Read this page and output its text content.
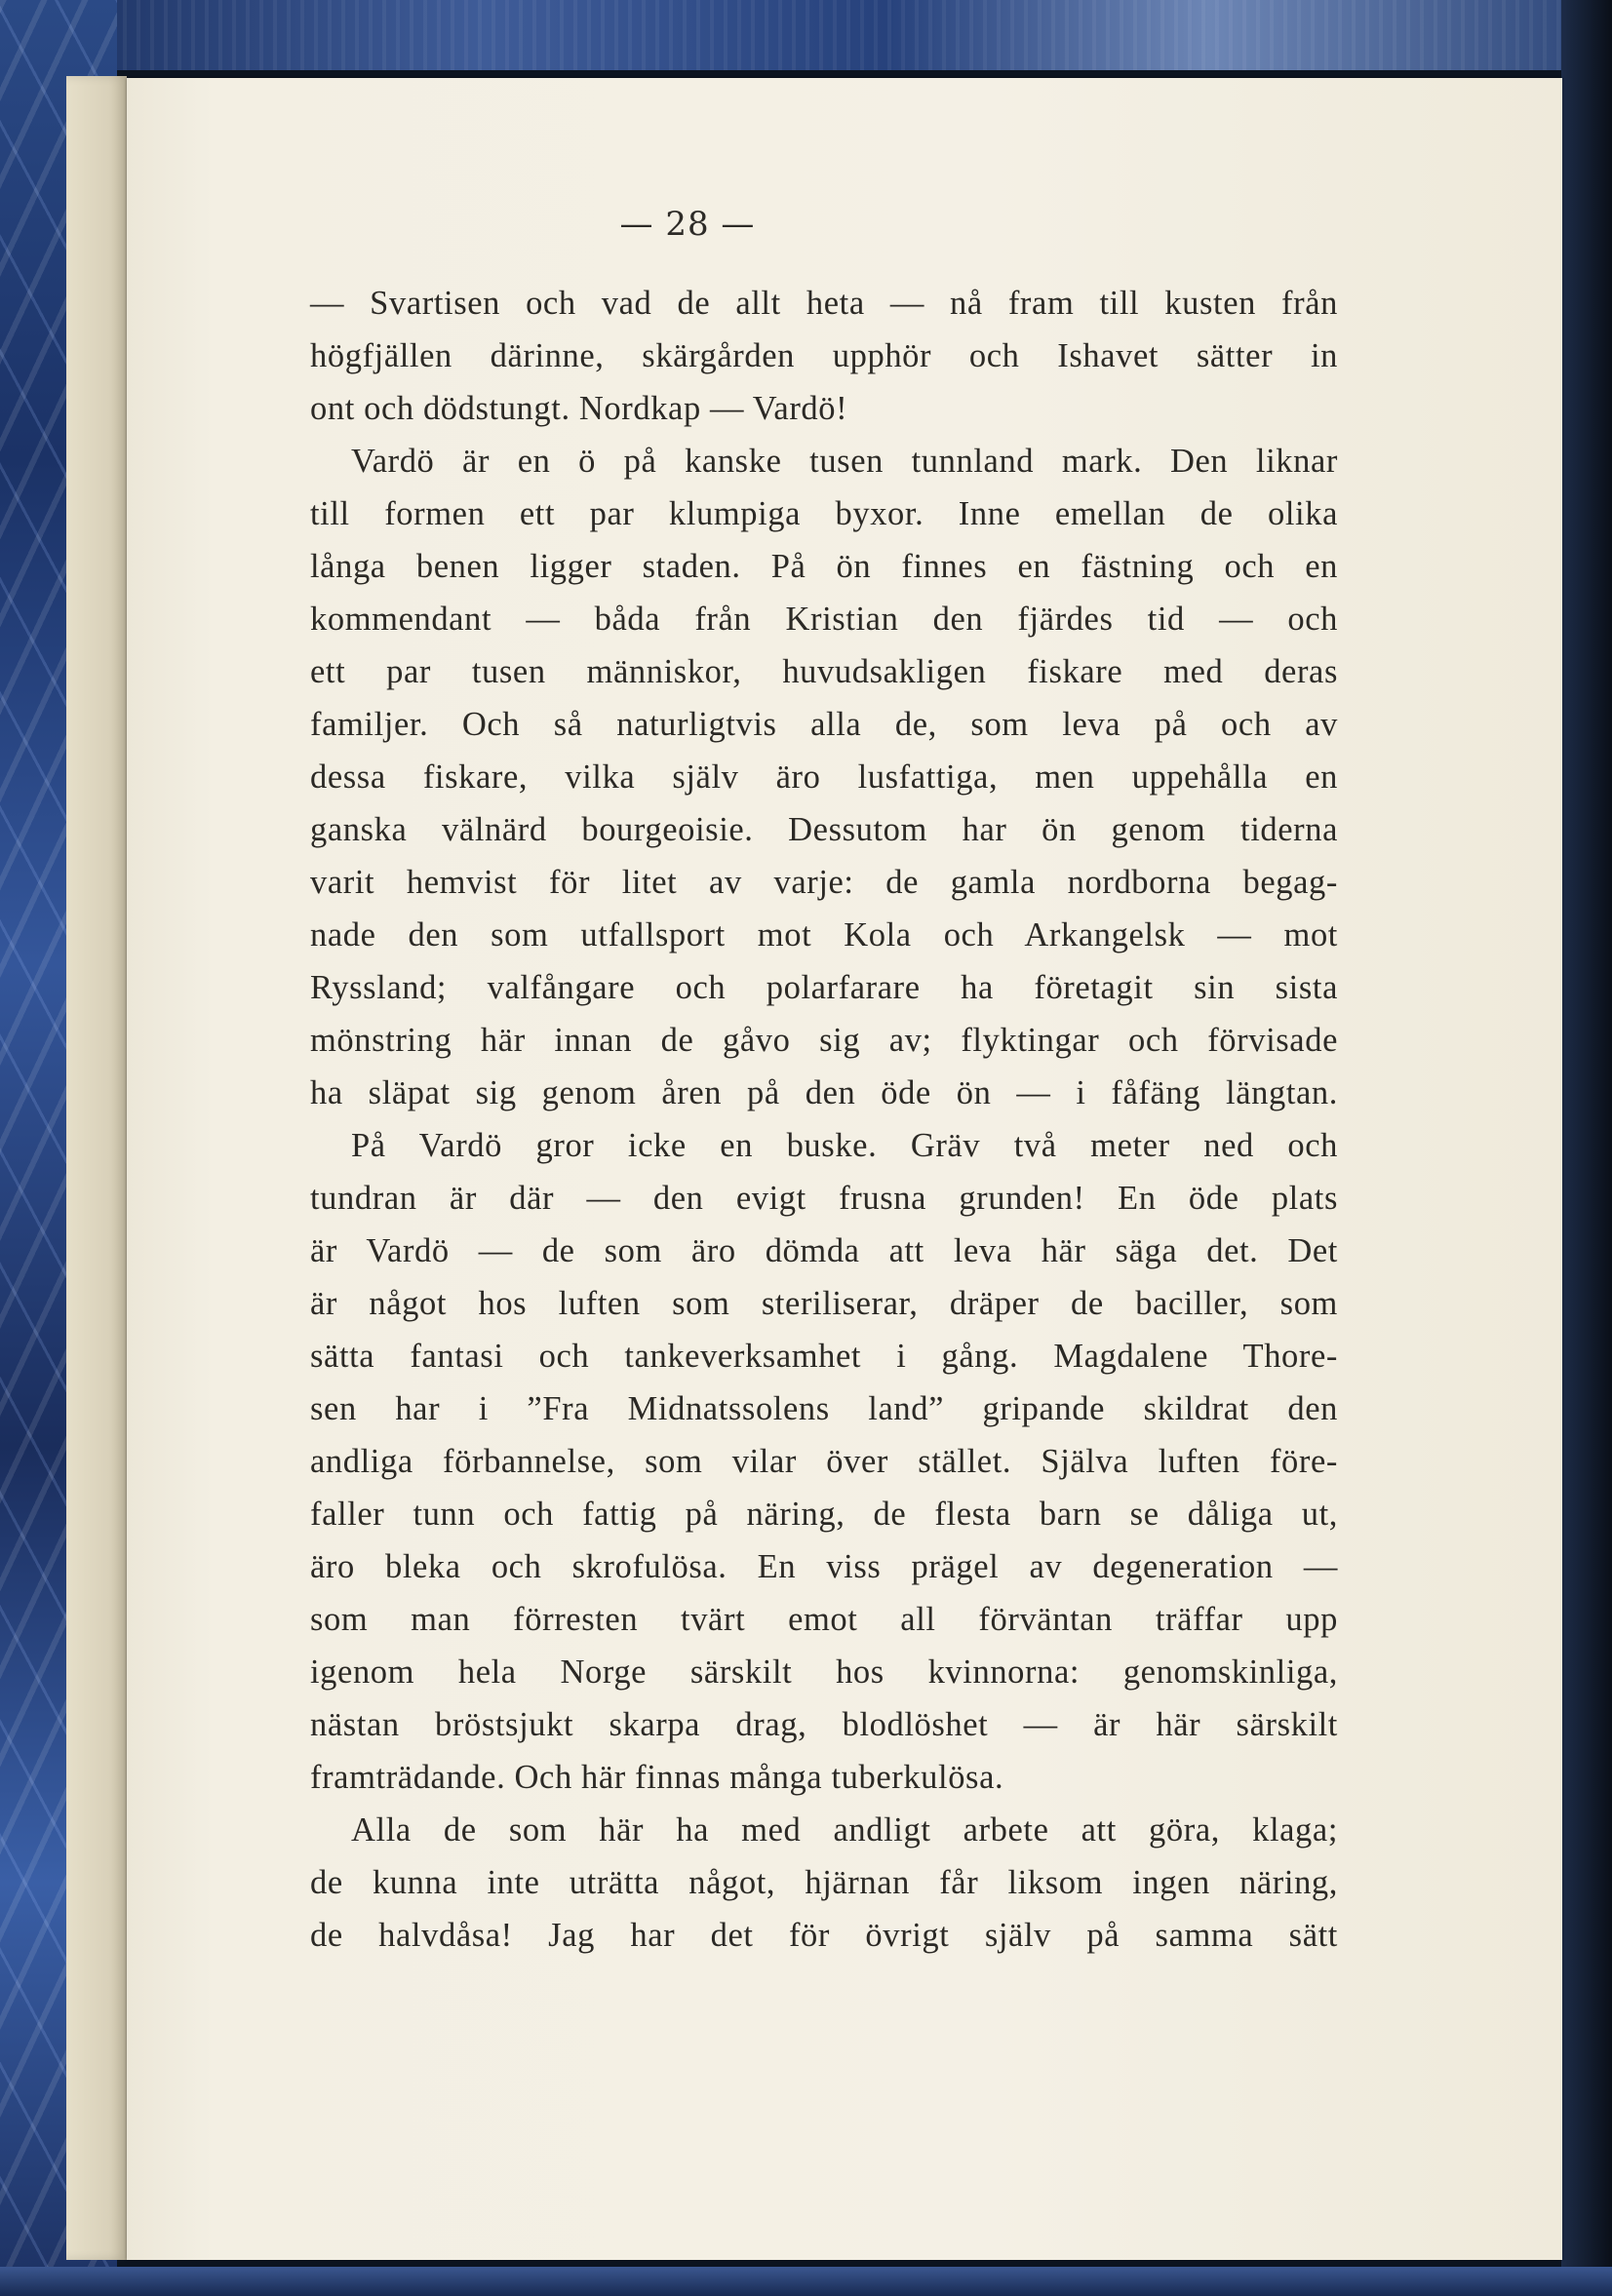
— 28 —
— Svartisen och vad de allt heta — nå fram till kusten från
högfjällen därinne, skärgården upphör och Ishavet sätter in
ont och dödstungt. Nordkap — Vardö!
Vardö är en ö på kanske tusen tunnland mark. Den liknar
till formen ett par klumpiga byxor. Inne emellan de olika
långa benen ligger staden. På ön finnes en fästning och en
kommendant — båda från Kristian den fjärdes tid — och
ett par tusen människor, huvudsakligen fiskare med deras
familjer. Och så naturligtvis alla de, som leva på och av
dessa fiskare, vilka själv äro lusfattiga, men uppehålla en
ganska välnärd bourgeoisie. Dessutom har ön genom tiderna
varit hemvist för litet av varje: de gamla nordborna begag-
nade den som utfallsport mot Kola och Arkangelsk — mot
Ryssland; valfångare och polarfarare ha företagit sin sista
mönstring här innan de gåvo sig av; flyktingar och förvisade
ha släpat sig genom åren på den öde ön — i fåfäng längtan.
På Vardö gror icke en buske. Gräv två meter ned och
tundran är där — den evigt frusna grunden! En öde plats
är Vardö — de som äro dömda att leva här säga det. Det
är något hos luften som steriliserar, dräper de baciller, som
sätta fantasi och tankeverksamhet i gång. Magdalene Thore-
sen har i ”Fra Midnatssolens land” gripande skildrat den
andliga förbannelse, som vilar över stället. Själva luften före-
faller tunn och fattig på näring, de flesta barn se dåliga ut,
äro bleka och skrofulösa. En viss prägel av degeneration —
som man förresten tvärt emot all förväntan träffar upp
igenom hela Norge särskilt hos kvinnorna: genomskinliga,
nästan bröstsjukt skarpa drag, blodlöshet — är här särskilt
framträdande. Och här finnas många tuberkulösa.
Alla de som här ha med andligt arbete att göra, klaga;
de kunna inte uträtta något, hjärnan får liksom ingen näring,
de halvdåsa! Jag har det för övrigt själv på samma sätt
